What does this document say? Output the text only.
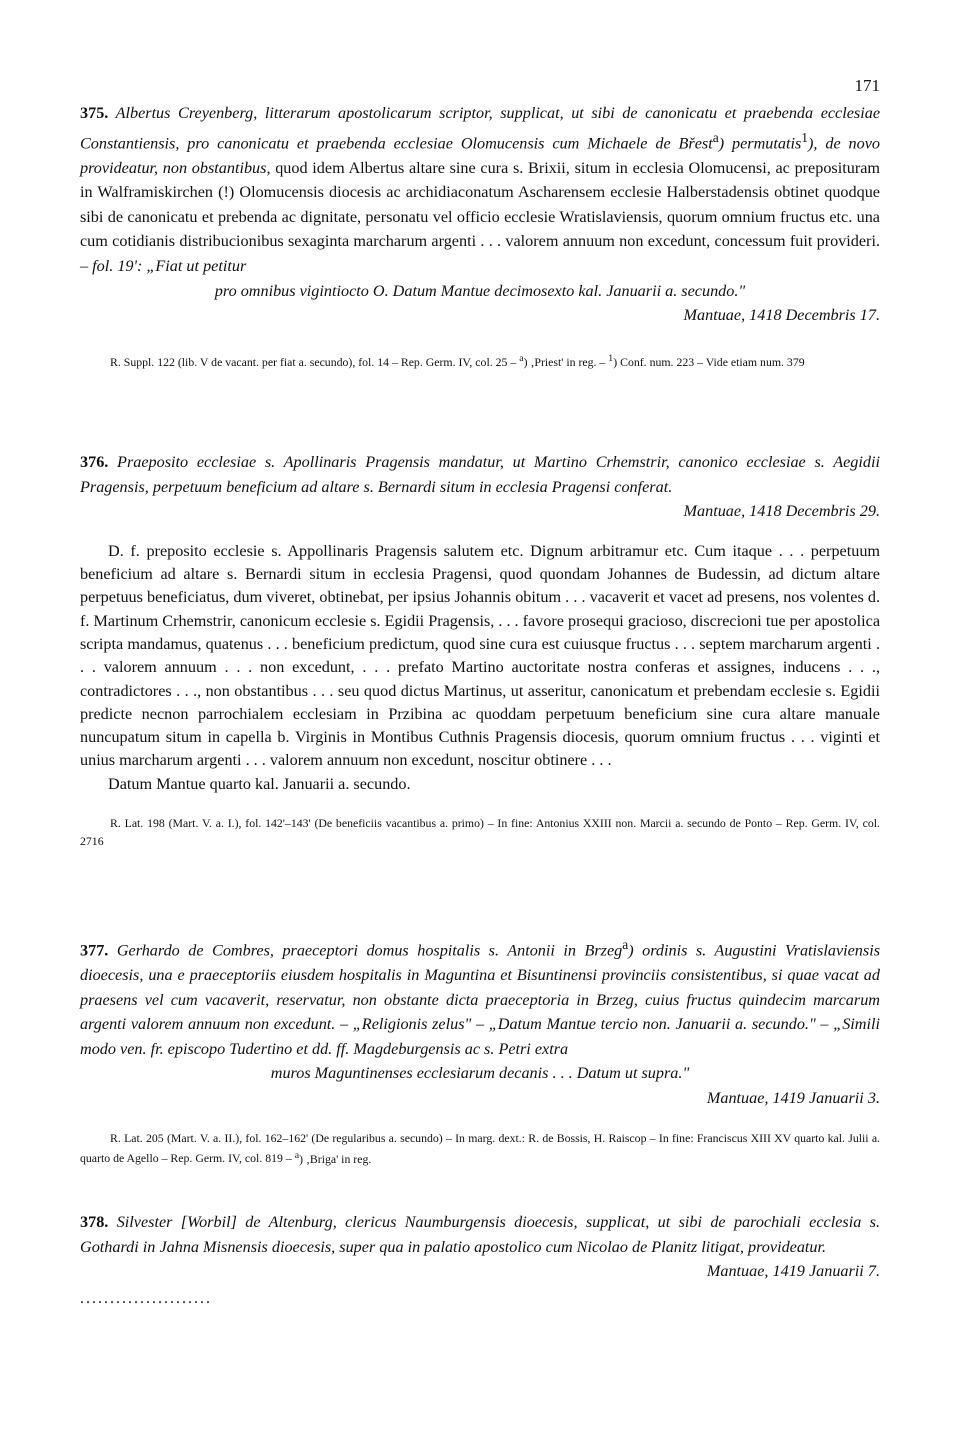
171

375. Albertus Creyenberg, litterarum apostolicarum scriptor, supplicat, ut sibi de canonicatu et praebenda ecclesiae Constantiensis, pro canonicatu et praebenda ecclesiae Olomucensis cum Michaele de Břest$^a$) permutatis$^1$), de novo provideatur, non obstantibus, quod idem Albertus altare sine cura s. Brixii, situm in ecclesia Olomucensi, ac preposituram in Walframiskirchen (!) Olomucensis diocesis ac archidiaconatum Ascharensem ecclesie Halberstadensis obtinet quodque sibi de canonicatu et prebenda ac dignitate, personatu vel officio ecclesie Wratislaviensis, quorum omnium fructus etc. una cum cotidianis distribucionibus sexaginta marcharum argenti . . . valorem annuum non excedunt, concessum fuit provideri. – fol. 19': „Fiat ut petitur
pro omnibus vigintiocto O. Datum Mantue decimosexto kal. Januarii a. secundo."

Mantuae, 1418 Decembris 17.

R. Suppl. 122 (lib. V de vacant. per fiat a. secundo), fol. 14 – Rep. Germ. IV, col. 25 – $^a$) ‚Priest' in reg. – $^1$) Conf. num. 223 – Vide etiam num. 379

376. Praeposito ecclesiae s. Apollinaris Pragensis mandatur, ut Martino Crhemstrir, canonico ecclesiae s. Aegidii Pragensis, perpetuum beneficium ad altare s. Bernardi situm in ecclesia Pragensi conferat.

Mantuae, 1418 Decembris 29.

D. f. preposito ecclesie s. Appollinaris Pragensis salutem etc. Dignum arbitramur etc. Cum itaque . . . perpetuum beneficium ad altare s. Bernardi situm in ecclesia Pragensi, quod quondam Johannes de Budessin, ad dictum altare perpetuus beneficiatus, dum viveret, obtinebat, per ipsius Johannis obitum . . . vacaverit et vacet ad presens, nos volentes d. f. Martinum Crhemstrir, canonicum ecclesie s. Egidii Pragensis, . . . favore prosequi gracioso, discrecioni tue per apostolica scripta mandamus, quatenus . . . beneficium predictum, quod sine cura est cuiusque fructus . . . septem marcharum argenti . . . valorem annuum . . . non excedunt, . . . prefato Martino auctoritate nostra conferas et assignes, inducens . . ., contradictores . . ., non obstantibus . . . seu quod dictus Martinus, ut asseritur, canonicatum et prebendam ecclesie s. Egidii predicte necnon parrochialem ecclesiam in Przibina ac quoddam perpetuum beneficium sine cura altare manuale nuncupatum situm in capella b. Virginis in Montibus Cuthnis Pragensis diocesis, quorum omnium fructus . . . viginti et unius marcharum argenti . . . valorem annuum non excedunt, noscitur obtinere . . .

Datum Mantue quarto kal. Januarii a. secundo.

R. Lat. 198 (Mart. V. a. I.), fol. 142'–143' (De beneficiis vacantibus a. primo) – In fine: Antonius XXIII non. Marcii a. secundo de Ponto – Rep. Germ. IV, col. 2716

377. Gerhardo de Combres, praeceptori domus hospitalis s. Antonii in Brzeg$^a$) ordinis s. Augustini Vratislaviensis dioecesis, una e praeceptoriis eiusdem hospitalis in Maguntina et Bisuntinensi provinciis consistentibus, si quae vacat ad praesens vel cum vacaverit, reservatur, non obstante dicta praeceptoria in Brzeg, cuius fructus quindecim marcarum argenti valorem annuum non excedunt. – „Religionis zelus" – „Datum Mantue tercio non. Januarii a. secundo." – „Simili modo ven. fr. episcopo Tudertino et dd. ff. Magdeburgensis ac s. Petri extra
muros Maguntinenses ecclesiarum decanis . . . Datum ut supra."

Mantuae, 1419 Januarii 3.

R. Lat. 205 (Mart. V. a. II.), fol. 162–162' (De regularibus a. secundo) – In marg. dext.: R. de Bossis, H. Raiscop – In fine: Franciscus XIII XV quarto kal. Julii a. quarto de Agello – Rep. Germ. IV, col. 819 – $^a$) ‚Briga' in reg.

378. Silvester [Worbil] de Altenburg, clericus Naumburgensis dioecesis, supplicat, ut sibi de parochiali ecclesia s. Gothardi in Jahna Misnensis dioecesis, super qua in palatio apostolico cum Nicolao de Planitz litigat, provideatur.

Mantuae, 1419 Januarii 7.

......................
